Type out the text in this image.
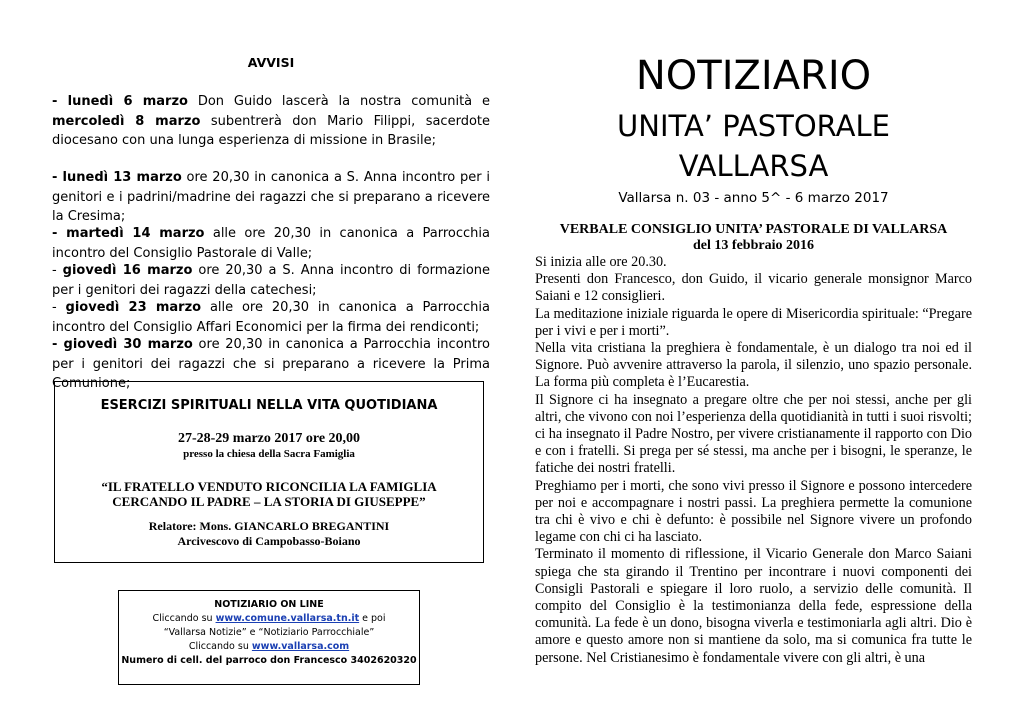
AVVISI
- lunedì 6 marzo Don Guido lascerà la nostra comunità e mercoledì 8 marzo subentrerà don Mario Filippi, sacerdote diocesano con una lunga esperienza di missione in Brasile;
- lunedì 13 marzo ore 20,30 in canonica a S. Anna incontro per i genitori e i padrini/madrine dei ragazzi che si preparano a ricevere la Cresima;
- martedì 14 marzo alle ore 20,30 in canonica a Parrocchia incontro del Consiglio Pastorale di Valle;
- giovedì 16 marzo ore 20,30 a S. Anna incontro di formazione per i genitori dei ragazzi della catechesi;
- giovedì 23 marzo alle ore 20,30 in canonica a Parrocchia incontro del Consiglio Affari Economici per la firma dei rendiconti;
- giovedì 30 marzo ore 20,30 in canonica a Parrocchia incontro per i genitori dei ragazzi che si preparano a ricevere la Prima Comunione;
ESERCIZI SPIRITUALI NELLA VITA QUOTIDIANA
27-28-29 marzo 2017 ore 20,00
presso la chiesa della Sacra Famiglia
“IL FRATELLO VENDUTO RICONCILIA LA FAMIGLIA
CERCANDO IL PADRE – LA STORIA DI GIUSEPPE”
Relatore: Mons. GIANCARLO BREGANTINI
Arcivescovo di Campobasso-Boiano
NOTIZIARIO ON LINE
Cliccando su www.comune.vallarsa.tn.it e poi
“Vallarsa Notizie” e “Notiziario Parrocchiale”
Cliccando su www.vallarsa.com
Numero di cell. del parroco don Francesco 3402620320
NOTIZIARIO
UNITA’ PASTORALE
VALLARSA
Vallarsa n. 03 - anno 5^ - 6 marzo 2017
VERBALE CONSIGLIO UNITA’ PASTORALE DI VALLARSA
del 13 febbraio 2016

Si inizia alle ore 20.30.

Presenti don Francesco, don Guido, il vicario generale monsignor Marco Saiani e 12 consiglieri.

La meditazione iniziale riguarda le opere di Misericordia spirituale: “Pregare per i vivi e per i morti”.

Nella vita cristiana la preghiera è fondamentale, è un dialogo tra noi ed il Signore. Può avvenire attraverso la parola, il silenzio, uno spazio personale. La forma più completa è l’Eucarestia.

Il Signore ci ha insegnato a pregare oltre che per noi stessi, anche per gli altri, che vivono con noi l’esperienza della quotidianità in tutti i suoi risvolti; ci ha insegnato il Padre Nostro, per vivere cristianamente il rapporto con Dio e con i fratelli. Si prega per sé stessi, ma anche per i bisogni, le speranze, le fatiche dei nostri fratelli.

Preghiamo per i morti, che sono vivi presso il Signore e possono intercedere per noi e accompagnare i nostri passi. La preghiera permette la comunione tra chi è vivo e chi è defunto: è possibile nel Signore vivere un profondo legame con chi ci ha lasciato.

Terminato il momento di riflessione, il Vicario Generale don Marco Saiani spiega che sta girando il Trentino per incontrare i nuovi componenti dei Consigli Pastorali e spiegare il loro ruolo, a servizio delle comunità. Il compito del Consiglio è la testimonianza della fede, espressione della comunità. La fede è un dono, bisogna viverla e testimoniarla agli altri. Dio è amore e questo amore non si mantiene da solo, ma si comunica fra tutte le persone. Nel Cristianesimo è fondamentale vivere con gli altri, è una
